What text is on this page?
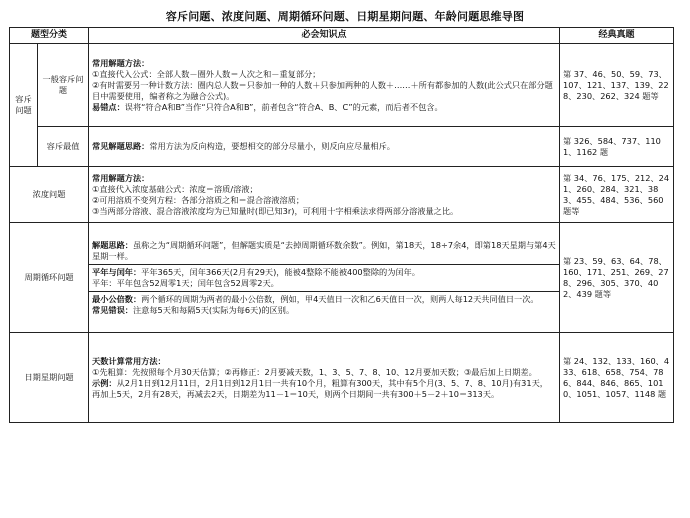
容斥问题、浓度问题、周期循环问题、日期星期问题、年龄问题思维导图
题型分类		必会知识点	经典真题
容斥问题	一般容斥问题	常用解题方法：
①直接代入公式：全部人数－圈外人数＝人次之和－重复部分；
②有时需要另一种计数方法：圈内总人数＝只参加一种的人数＋只参加两种的人数＋……＋所有都参加的人数(此公式只在部分题目中需要使用，编者称之为融合公式)。
易错点：误将“符合A和B”当作“只符合A和B”，前者包含“符合A、B、C”的元素，而后者不包含。	第 37、46、50、59、73、107、121、137、139、228、230、262、324 题等
	容斥最值	常见解题思路：常用方法为反向构造，要想相交的部分尽量小，则反向应尽量相斥。	第 326、584、737、1101、1162 题
浓度问题		常用解题方法：
①直接代入浓度基础公式：浓度＝溶质/溶液；
②可用溶质不变列方程：各部分溶质之和＝混合溶液溶质；
③当两部分溶液、混合溶液浓度均为已知量时(即已知3r)，可利用十字相乘法求得两部分溶液量之比。	第 34、76、175、212、241、260、284、321、383、455、484、536、560 题等
周期循环问题		解题思路：虽称之为“周期循环问题”，但解题实质是“去掉周期循环数余数”。例如，第18天，18÷7余4，即第18天星期与第4天星期一样。
平年与闰年：平年365天，闰年366天(2月有29天)，能被4整除不能被400整除的为闰年。
平年：平年包含52周零1天；闰年包含52周零2天。
最小公倍数：两个循环的周期为两者的最小公倍数，例如，甲4天值日一次和乙6天值日一次，则两人每12天共同值日一次。
常见错误：注意每5天和每隔5天(实际为每6天)的区别。	第 23、59、63、64、78、160、171、251、269、278、296、305、370、402、439 题等
日期星期问题		天数计算常用方法：
①先粗算：先按照每个月30天估算；②再修正：2月要减天数，1、3、5、7、8、10、12月要加天数；③最后加上日期差。
示例：从2月1日到12月11日，2月1日到12月1日一共有10个月，粗算有300天，其中有5个月(3、5、7、8、10月)有31天，再加上5天，2月有28天，再减去2天，日期差为11－1＝10天，则两个日期间一共有300＋5－2＋10＝313天。	第 24、132、133、160、433、618、658、754、786、844、846、865、1010、1051、1057、1148 题
